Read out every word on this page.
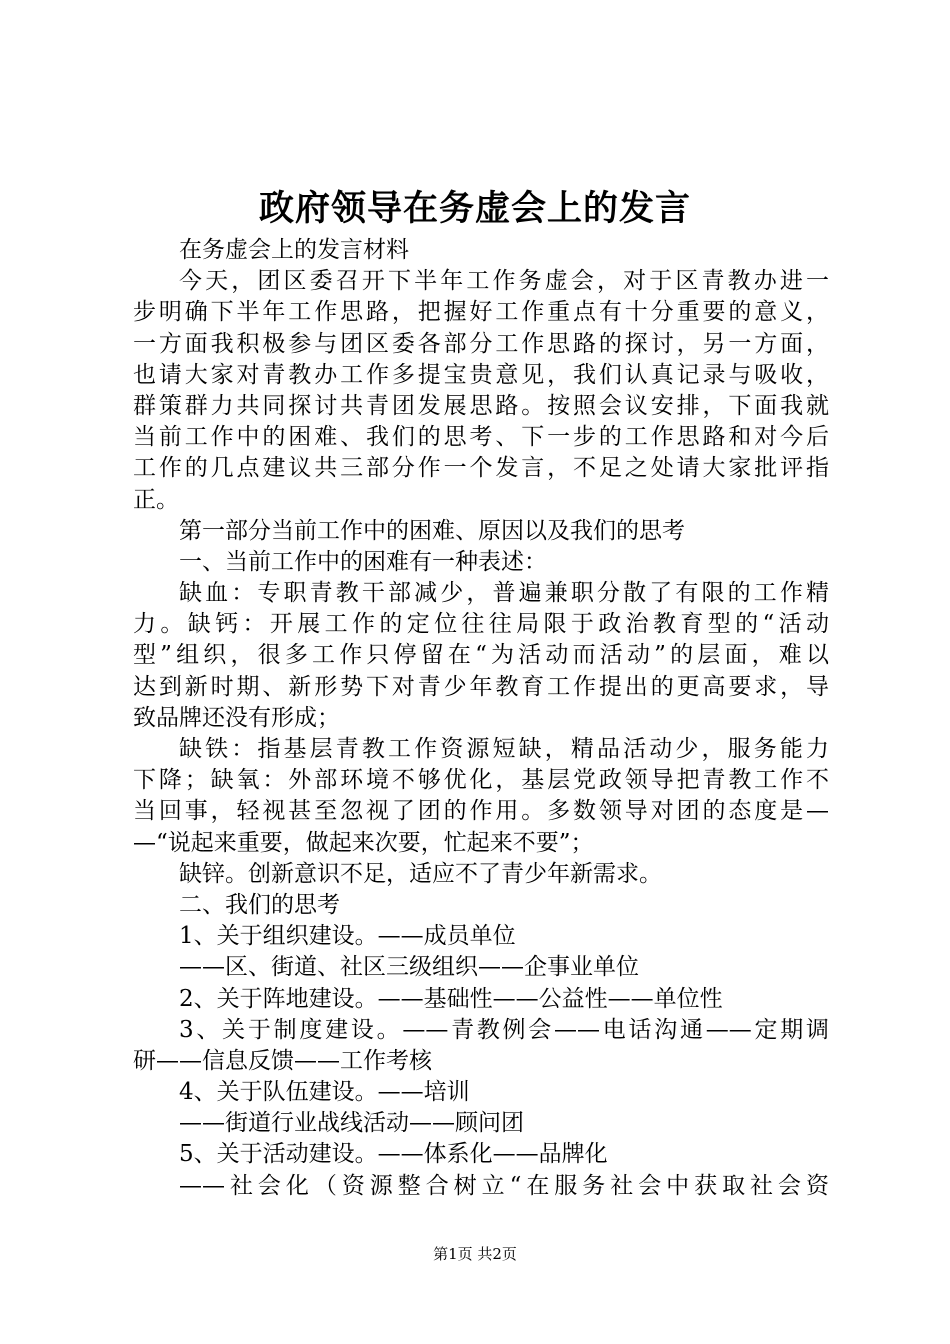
政府领导在务虚会上的发言
在务虚会上的发言材料
今天，团区委召开下半年工作务虚会，对于区青教办进一
步明确下半年工作思路，把握好工作重点有十分重要的意义，
一方面我积极参与团区委各部分工作思路的探讨，另一方面，
也请大家对青教办工作多提宝贵意见，我们认真记录与吸收，
群策群力共同探讨共青团发展思路。按照会议安排，下面我就
当前工作中的困难、我们的思考、下一步的工作思路和对今后
工作的几点建议共三部分作一个发言，不足之处请大家批评指
正。
第一部分当前工作中的困难、原因以及我们的思考
一、当前工作中的困难有一种表述：
缺血：专职青教干部减少，普遍兼职分散了有限的工作精
力。缺钙：开展工作的定位往往局限于政治教育型的“活动
型”组织，很多工作只停留在“为活动而活动”的层面，难以
达到新时期、新形势下对青少年教育工作提出的更高要求，导
致品牌还没有形成；
缺铁：指基层青教工作资源短缺，精品活动少，服务能力
下降；缺氧：外部环境不够优化，基层党政领导把青教工作不
当回事，轻视甚至忽视了团的作用。多数领导对团的态度是—
—“说起来重要，做起来次要，忙起来不要”；
缺锌。创新意识不足，适应不了青少年新需求。
二、我们的思考
1、关于组织建设。——成员单位
——区、街道、社区三级组织——企事业单位
2、关于阵地建设。——基础性——公益性——单位性
3、关于制度建设。——青教例会——电话沟通——定期调
研——信息反馈——工作考核
4、关于队伍建设。——培训
——街道行业战线活动——顾问团
5、关于活动建设。——体系化——品牌化
——社会化（资源整合树立“在服务社会中获取社会资
第1页 共2页
